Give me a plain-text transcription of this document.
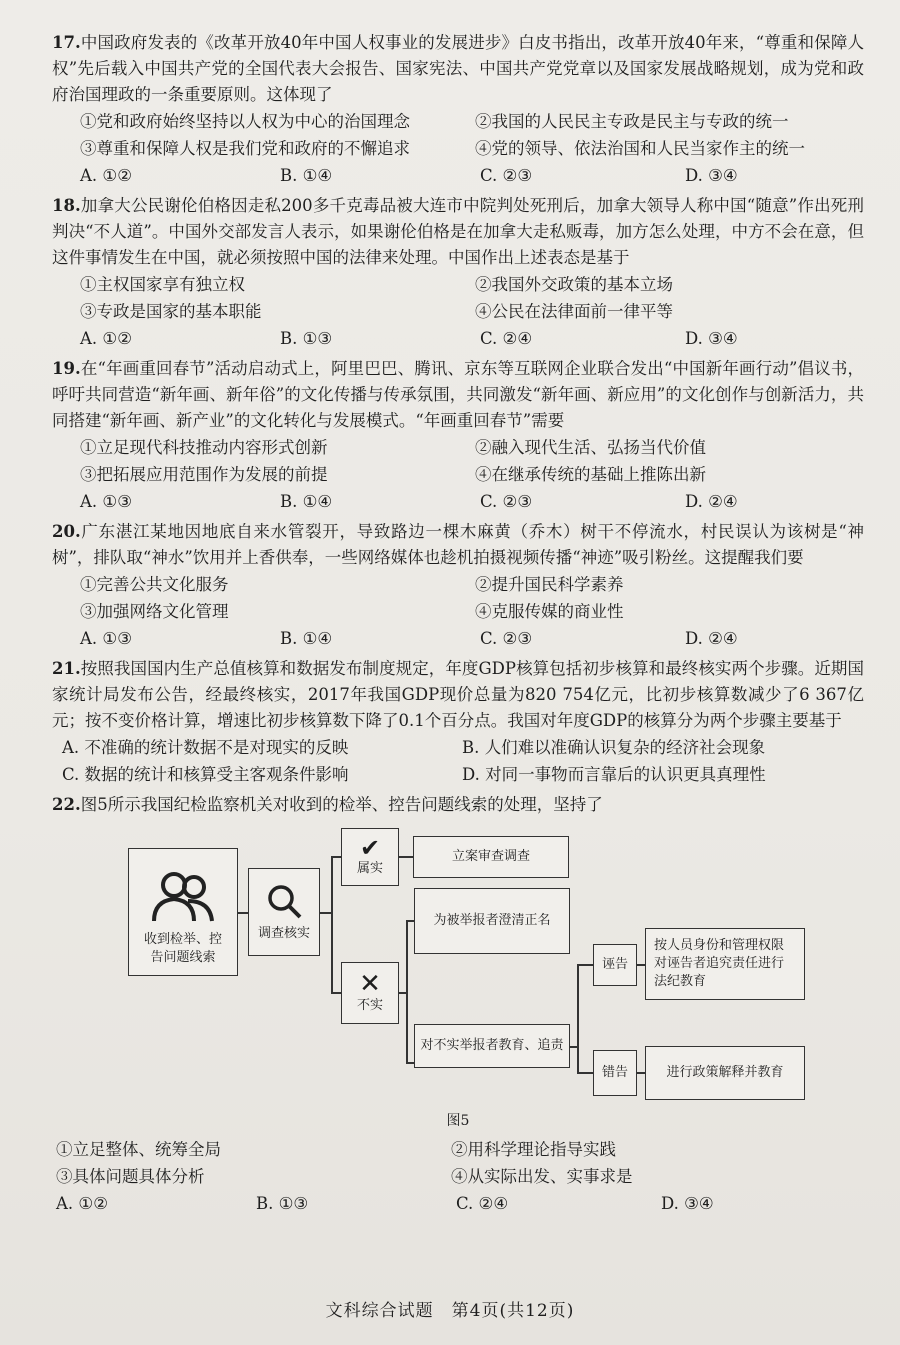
17.中国政府发表的《改革开放40年中国人权事业的发展进步》白皮书指出，改革开放40年来，“尊重和保障人权”先后载入中国共产党的全国代表大会报告、国家宪法、中国共产党党章以及国家发展战略规划，成为党和政府治国理政的一条重要原则。这体现了
①党和政府始终坚持以人权为中心的治国理念	②我国的人民民主专政是民主与专政的统一
③尊重和保障人权是我们党和政府的不懈追求	④党的领导、依法治国和人民当家作主的统一
A. ①②	B. ①④	C. ②③	D. ③④
18.加拿大公民谢伦伯格因走私200多千克毒品被大连市中院判处死刑后，加拿大领导人称中国“随意”作出死刑判决“不人道”。中国外交部发言人表示，如果谢伦伯格是在加拿大走私贩毒，加方怎么处理，中方不会在意，但这件事情发生在中国，就必须按照中国的法律来处理。中国作出上述表态是基于
①主权国家享有独立权	②我国外交政策的基本立场
③专政是国家的基本职能	④公民在法律面前一律平等
A. ①②	B. ①③	C. ②④	D. ③④
19.在“年画重回春节”活动启动式上，阿里巴巴、腾讯、京东等互联网企业联合发出“中国新年画行动”倡议书，呼吁共同营造“新年画、新年俗”的文化传播与传承氛围，共同激发“新年画、新应用”的文化创作与创新活力，共同搭建“新年画、新产业”的文化转化与发展模式。“年画重回春节”需要
①立足现代科技推动内容形式创新	②融入现代生活、弘扬当代价值
③把拓展应用范围作为发展的前提	④在继承传统的基础上推陈出新
A. ①③	B. ①④	C. ②③	D. ②④
20.广东湛江某地因地底自来水管裂开，导致路边一棵木麻黄（乔木）树干不停流水，村民误认为该树是“神树”，排队取“神水”饮用并上香供奉，一些网络媒体也趁机拍摄视频传播“神迹”吸引粉丝。这提醒我们要
①完善公共文化服务	②提升国民科学素养
③加强网络文化管理	④克服传媒的商业性
A. ①③	B. ①④	C. ②③	D. ②④
21.按照我国国内生产总值核算和数据发布制度规定，年度GDP核算包括初步核算和最终核实两个步骤。近期国家统计局发布公告，经最终核实，2017年我国GDP现价总量为820 754亿元，比初步核算数减少了6 367亿元；按不变价格计算，增速比初步核算数下降了0.1个百分点。我国对年度GDP的核算分为两个步骤主要基于
A. 不准确的统计数据不是对现实的反映	B. 人们难以准确认识复杂的经济社会现象
C. 数据的统计和核算受主客观条件影响	D. 对同一事物而言靠后的认识更具真理性
22.图5所示我国纪检监察机关对收到的检举、控告问题线索的处理，坚持了
收到检举、控告问题线索
调查核实
✔
属实
立案审查调查
✕
不实
为被举报者澄清正名
对不实举报者教育、追责
诬告
按人员身份和管理权限对诬告者追究责任进行法纪教育
错告	进行政策解释并教育
图5
①立足整体、统筹全局	②用科学理论指导实践
③具体问题具体分析	④从实际出发、实事求是
A. ①②	B. ①③	C. ②④	D. ③④
文科综合试题　第4页(共12页)
